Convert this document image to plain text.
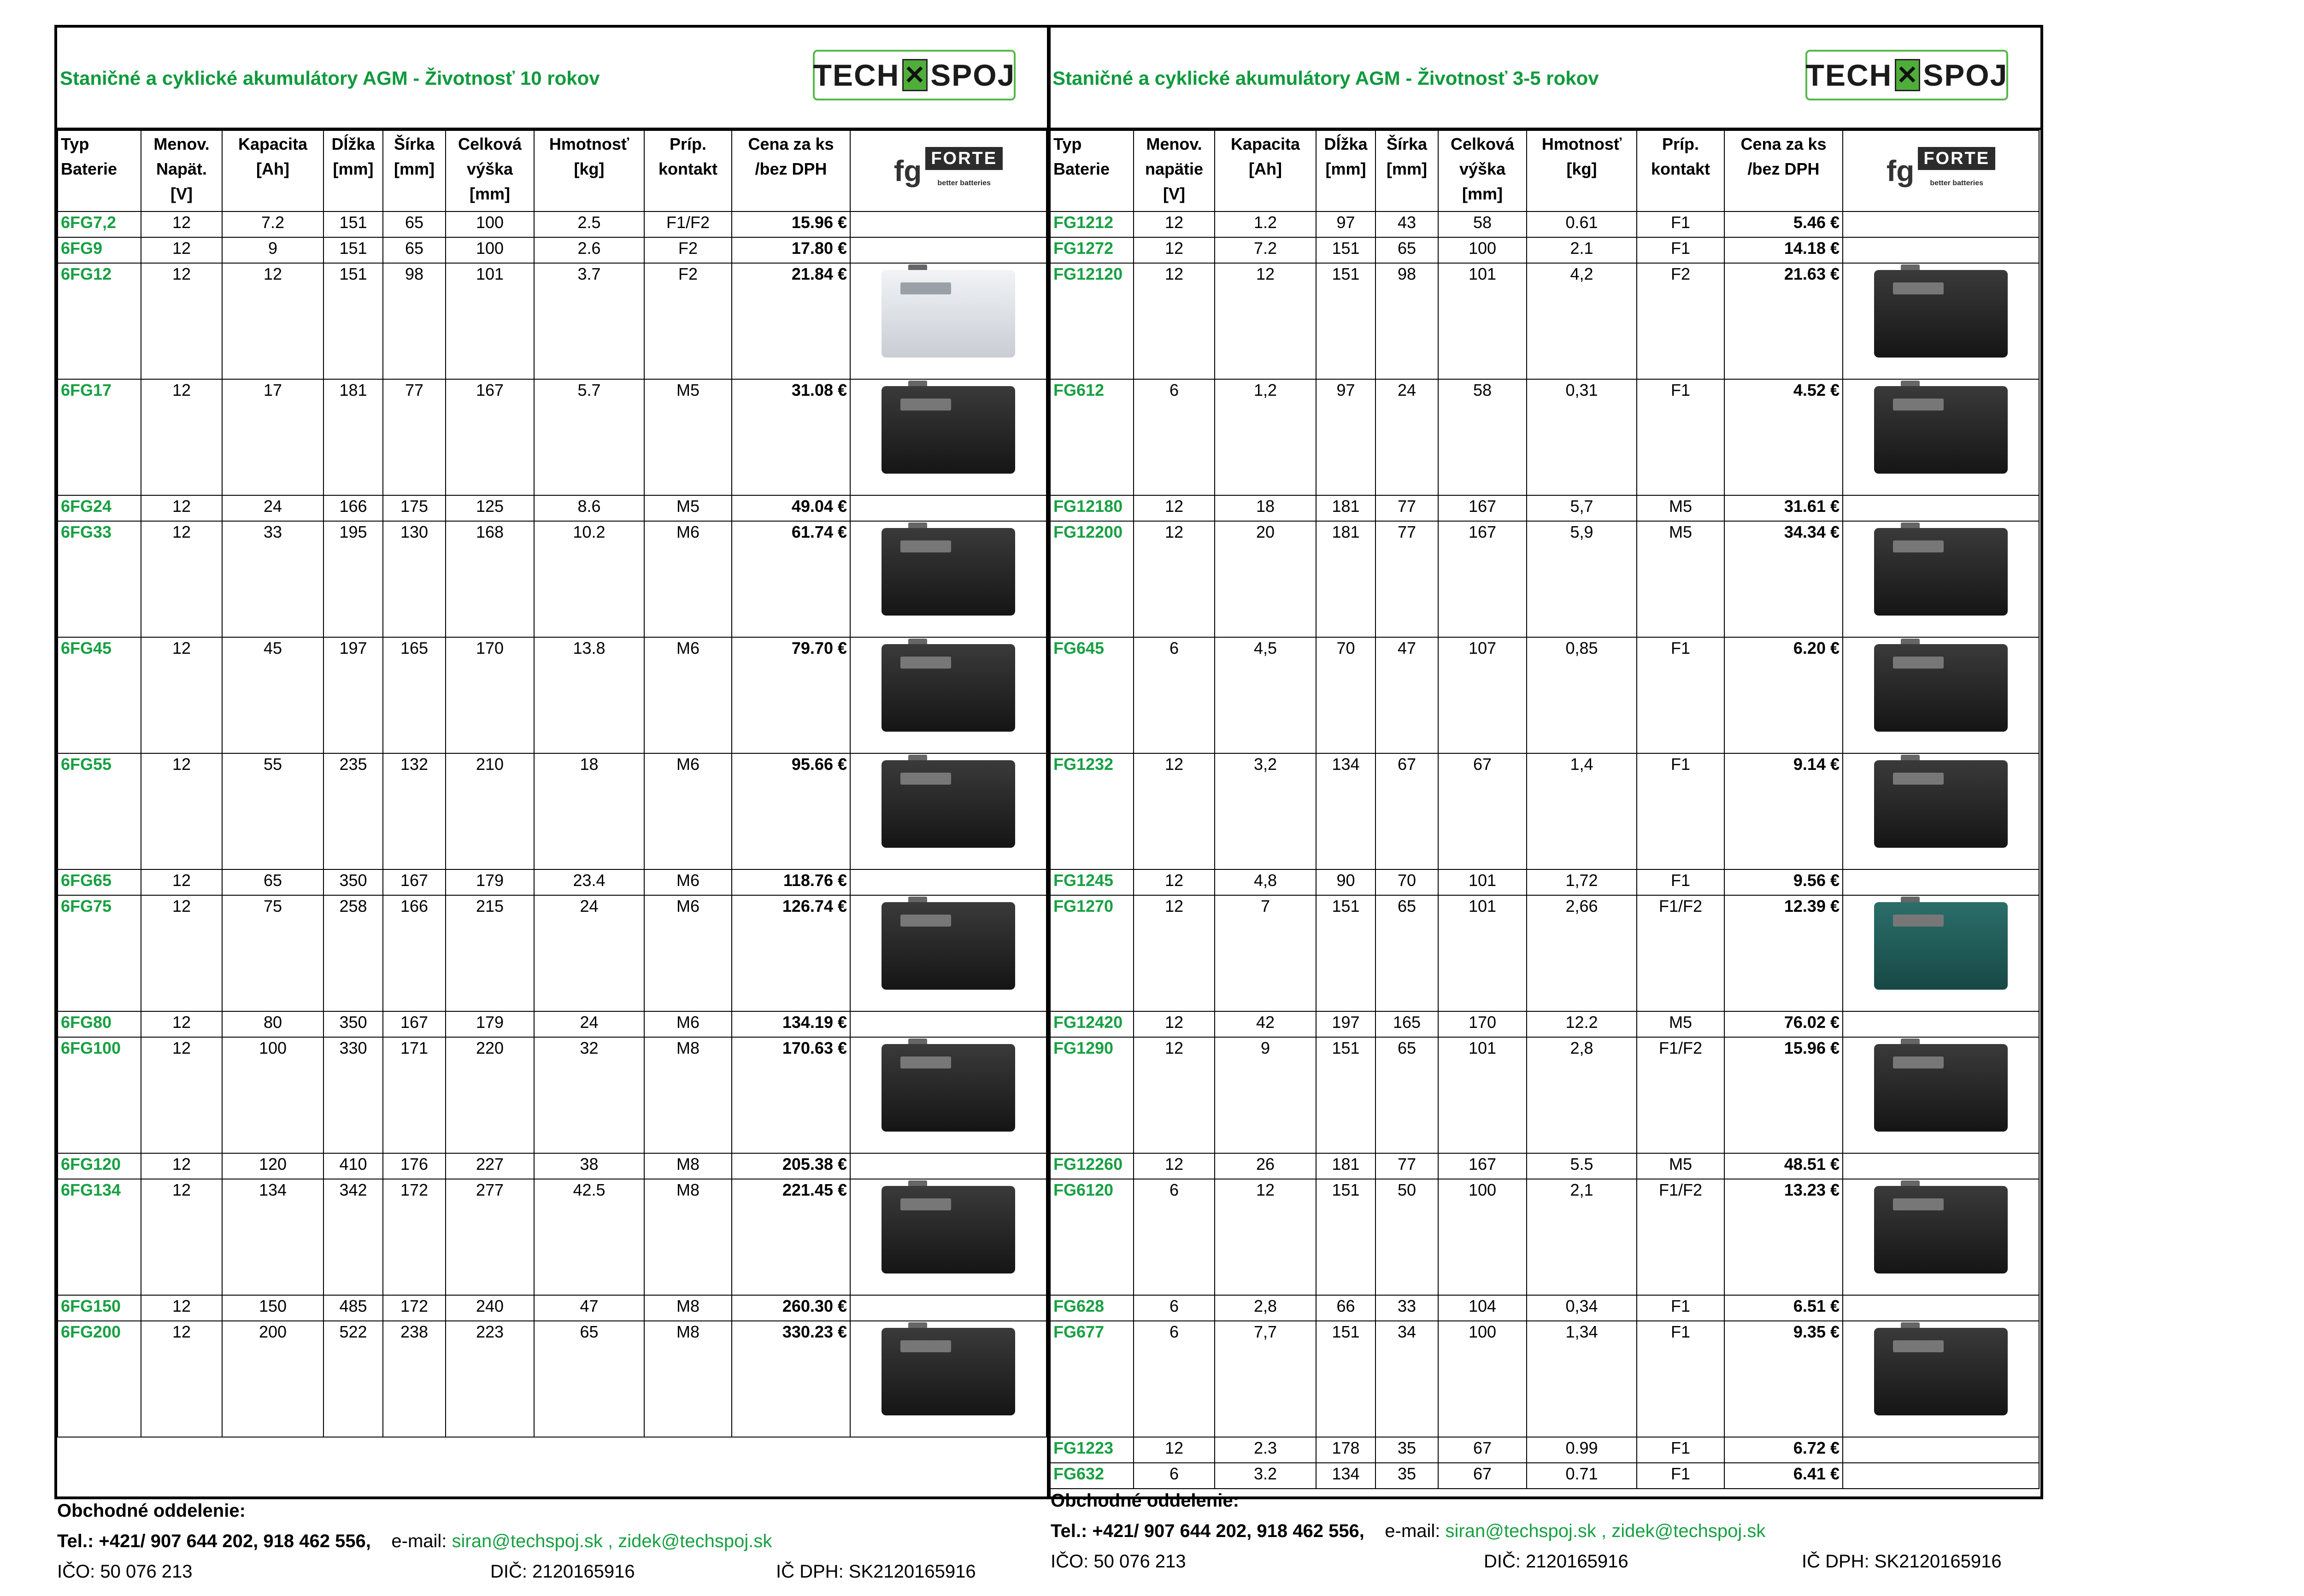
Staničné a cyklické akumulátory AGM - Životnosť 10 rokov	TECH ✕ SPOJ
Typ Baterie	Menov. Napät. [V]	Kapacita [Ah]	Dĺžka [mm]	Šírka [mm]	Celková výška [mm]	Hmotnosť [kg]	Príp. kontakt	Cena za ks /bez DPH	fg FORTE
better batteries

6FG7,2	12	7.2	151	65	100	2.5	F1/F2	15.96 €	
6FG9	12	9	151	65	100	2.6	F2	17.80 €	
6FG12	12	12	151	98	101	3.7	F2	21.84 €	

6FG17	12	17	181	77	167	5.7	M5	31.08 €	

6FG24	12	24	166	175	125	8.6	M5	49.04 €	
6FG33	12	33	195	130	168	10.2	M6	61.74 €	

6FG45	12	45	197	165	170	13.8	M6	79.70 €	

6FG55	12	55	235	132	210	18	M6	95.66 €	

6FG65	12	65	350	167	179	23.4	M6	118.76 €	
6FG75	12	75	258	166	215	24	M6	126.74 €	

6FG80	12	80	350	167	179	24	M6	134.19 €	
6FG100	12	100	330	171	220	32	M8	170.63 €	

6FG120	12	120	410	176	227	38	M8	205.38 €	
6FG134	12	134	342	172	277	42.5	M8	221.45 €	

6FG150	12	150	485	172	240	47	M8	260.30 €	
6FG200	12	200	522	238	223	65	M8	330.23 €	
Staničné a cyklické akumulátory AGM - Životnosť 3-5 rokov	TECH ✕ SPOJ
Typ Baterie	Menov. napätie [V]	Kapacita [Ah]	Dĺžka [mm]	Šírka [mm]	Celková výška [mm]	Hmotnosť [kg]	Príp. kontakt	Cena za ks /bez DPH	fg FORTE
better batteries

FG1212	12	1.2	97	43	58	0.61	F1	5.46 €	
FG1272	12	7.2	151	65	100	2.1	F1	14.18 €	
FG12120	12	12	151	98	101	4,2	F2	21.63 €	

FG612	6	1,2	97	24	58	0,31	F1	4.52 €	

FG12180	12	18	181	77	167	5,7	M5	31.61 €	
FG12200	12	20	181	77	167	5,9	M5	34.34 €	

FG645	6	4,5	70	47	107	0,85	F1	6.20 €	

FG1232	12	3,2	134	67	67	1,4	F1	9.14 €	

FG1245	12	4,8	90	70	101	1,72	F1	9.56 €	
FG1270	12	7	151	65	101	2,66	F1/F2	12.39 €	

FG12420	12	42	197	165	170	12.2	M5	76.02 €	
FG1290	12	9	151	65	101	2,8	F1/F2	15.96 €	

FG12260	12	26	181	77	167	5.5	M5	48.51 €	
FG6120	6	12	151	50	100	2,1	F1/F2	13.23 €	

FG628	6	2,8	66	33	104	0,34	F1	6.51 €	
FG677	6	7,7	151	34	100	1,34	F1	9.35 €	

FG1223	12	2.3	178	35	67	0.99	F1	6.72 €	
FG632	6	3.2	134	35	67	0.71	F1	6.41 €	
Obchodné oddelenie:
Tel.: +421/ 907 644 202, 918 462 556, e-mail: siran@techspoj.sk , zidek@techspoj.sk
IČO: 50 076 213	DIČ: 2120165916	IČ DPH: SK2120165916
Obchodné oddelenie:
Tel.: +421/ 907 644 202, 918 462 556, e-mail: siran@techspoj.sk , zidek@techspoj.sk
IČO: 50 076 213	DIČ: 2120165916	IČ DPH: SK2120165916
